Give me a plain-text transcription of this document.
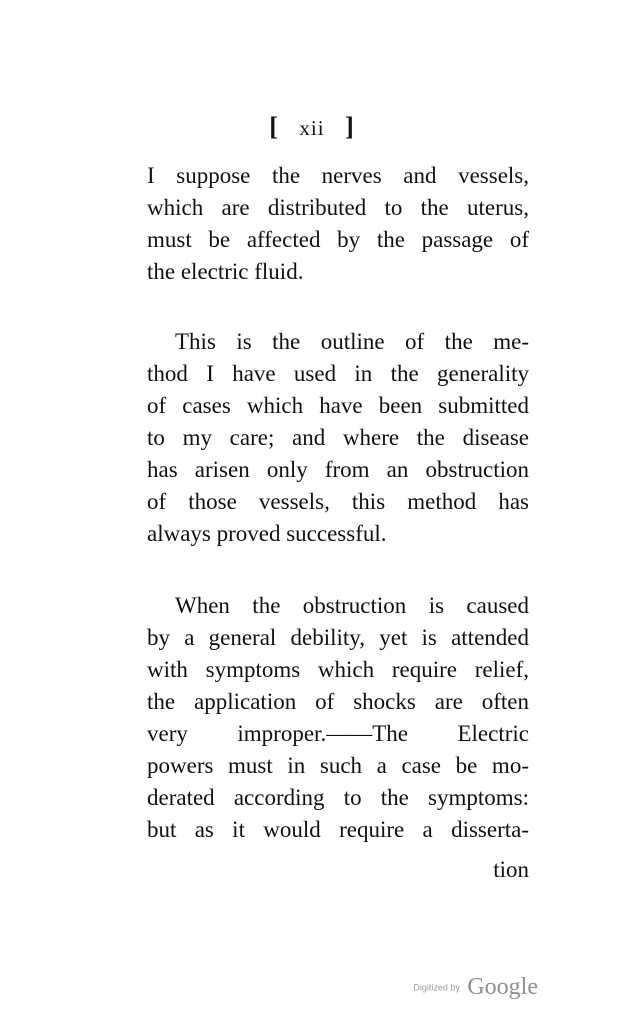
[ xii ]
I suppose the nerves and vessels,
which are distributed to the uterus,
must be affected by the passage of
the electric fluid.
This is the outline of the me-
thod I have used in the generality
of cases which have been submitted
to my care; and where the disease
has arisen only from an obstruction
of those vessels, this method has
always proved successful.
When the obstruction is caused
by a general debility, yet is attended
with symptoms which require relief,
the application of shocks are often
very improper.——The Electric
powers must in such a case be mo-
derated according to the symptoms:
but as it would require a disserta-
tion
Digitized by Google
